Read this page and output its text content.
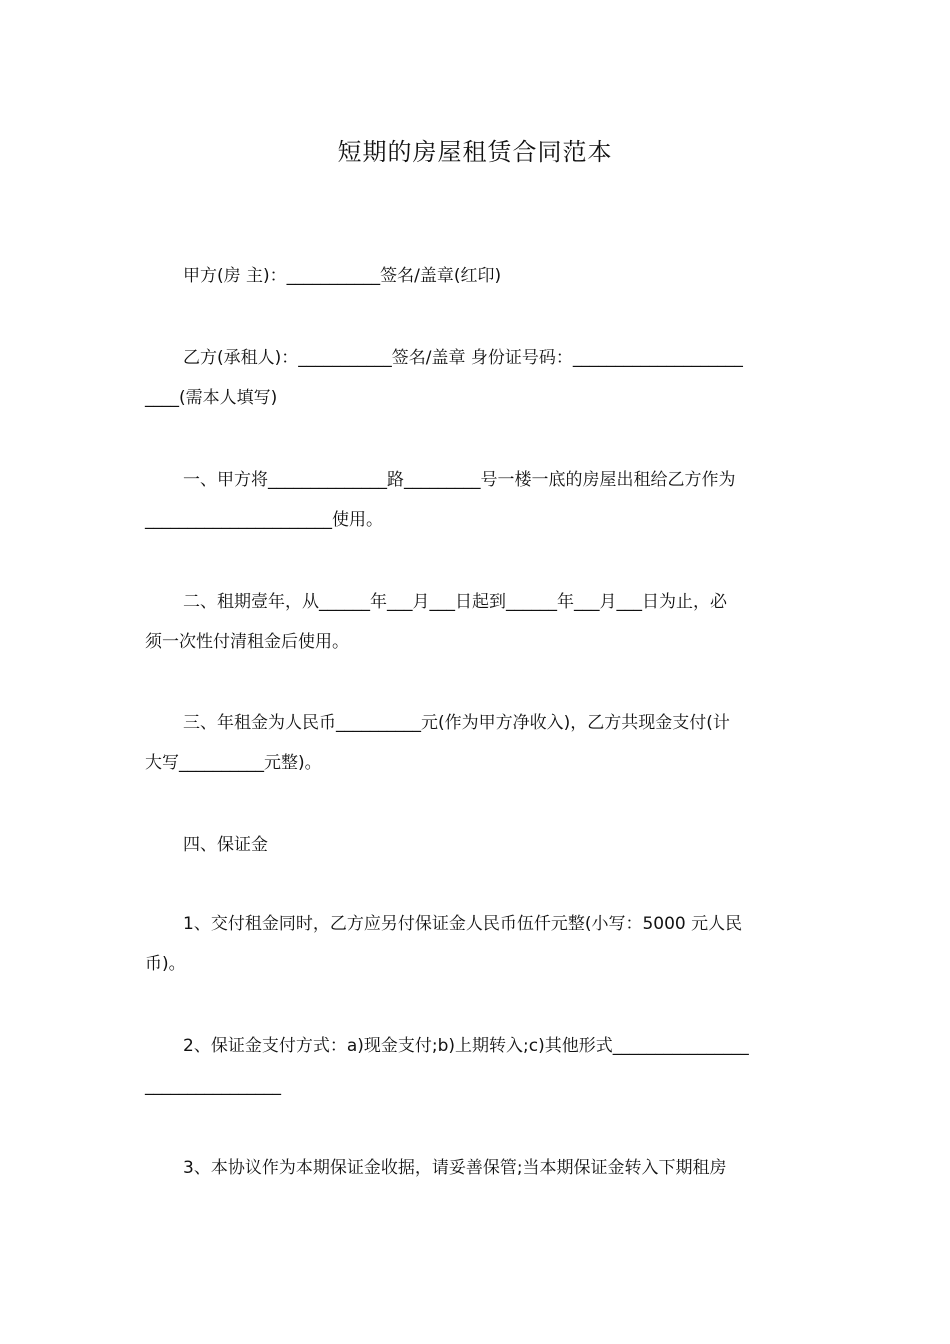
短期的房屋租赁合同范本
甲方(房 主)：___________签名/盖章(红印)
乙方(承租人)：___________签名/盖章 身份证号码：____________________
____(需本人填写)
一、甲方将______________路_________号一楼一底的房屋出租给乙方作为
______________________使用。
二、租期壹年，从______年___月___日起到______年___月___日为止，必
须一次性付清租金后使用。
三、年租金为人民币__________元(作为甲方净收入)，乙方共现金支付(计
大写__________元整)。
四、保证金
1、交付租金同时，乙方应另付保证金人民币伍仟元整(小写：5000 元人民
币)。
2、保证金支付方式：a)现金支付;b)上期转入;c)其他形式________________
________________
3、本协议作为本期保证金收据，请妥善保管;当本期保证金转入下期租房
